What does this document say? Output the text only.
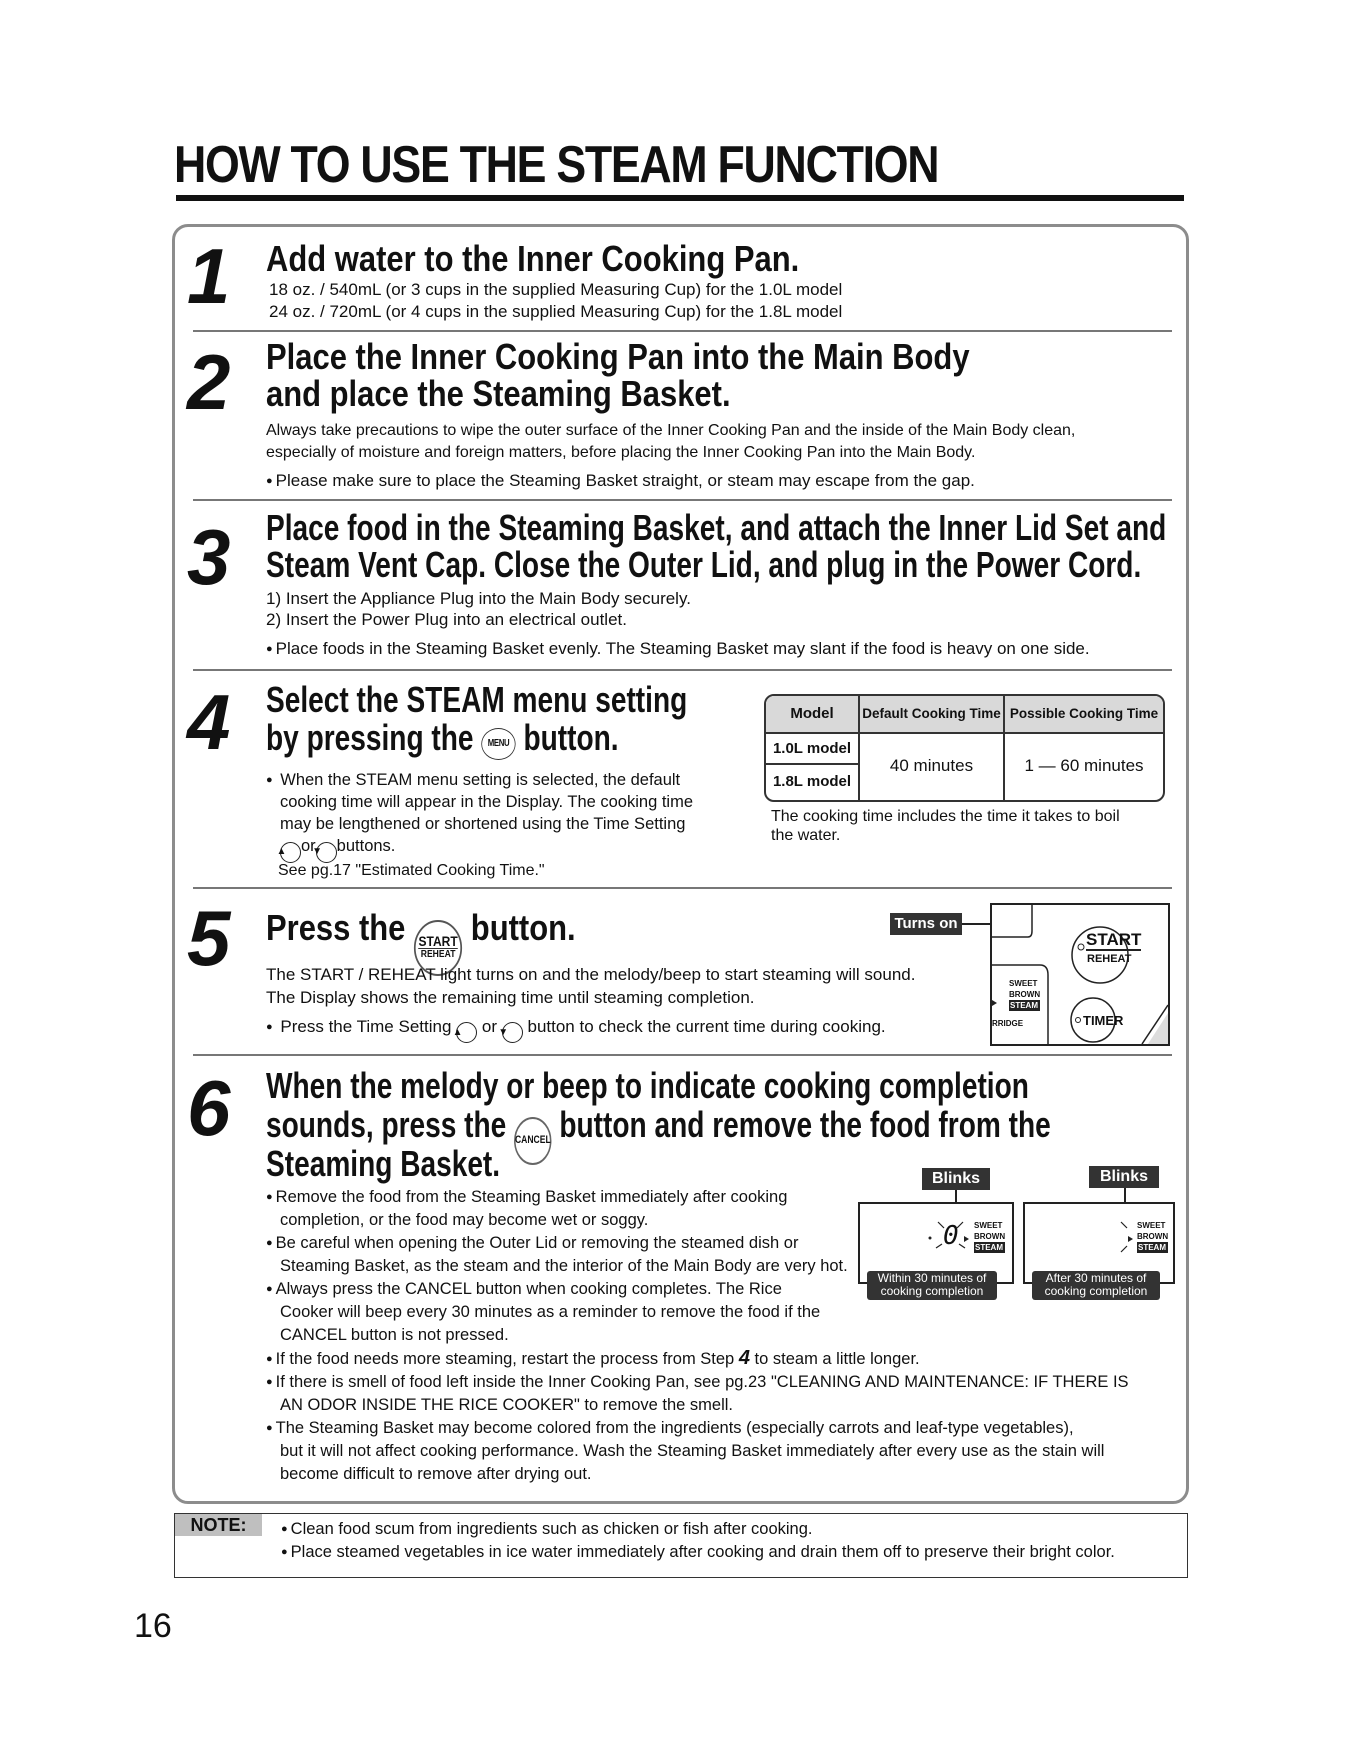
HOW TO USE THE STEAM FUNCTION
1 Add water to the Inner Cooking Pan.

18 oz. / 540mL (or 3 cups in the supplied Measuring Cup) for the 1.0L model

24 oz. / 720mL (or 4 cups in the supplied Measuring Cup) for the 1.8L model

2 Place the Inner Cooking Pan into the Main Body
and place the Steaming Basket.

Always take precautions to wipe the outer surface of the Inner Cooking Pan and the inside of the Main Body clean,

especially of moisture and foreign matters, before placing the Inner Cooking Pan into the Main Body.

● Please make sure to place the Steaming Basket straight, or steam may escape from the gap.
3 Place food in the Steaming Basket, and attach the Inner Lid Set and
Steam Vent Cap. Close the Outer Lid, and plug in the Power Cord.

1) Insert the Appliance Plug into the Main Body securely.

2) Insert the Power Plug into an electrical outlet.

● Place foods in the Steaming Basket evenly. The Steaming Basket may slant if the food is heavy on one side.
4 Select the STEAM menu setting
by pressing the MENU button.
● When the STEAM menu setting is selected, the default
cooking time will appear in the Display. The cooking time
may be lengthened or shortened using the Time Setting
▲ or▼ buttons.

See pg.17 "Estimated Cooking Time."

Model	Default Cooking Time Possible Cooking Time
1.0L model
1.8L model
40 minutes	1 — 60 minutes

The cooking time includes the time it takes to boil

the water.

5 Press the START
REHEAT
button.

The START / REHEAT light turns on and the melody/beep to start steaming will sound.

The Display shows the remaining time until steaming completion.

● Press the Time Setting ▲ or ▼ button to check the current time during cooking.
START
REHEAT
SWEET
BROWN
STEAM
RRIDGE	TIMER
Turns on
6 When the melody or beep to indicate cooking completion
sounds, press the CANCEL button and remove the food from the
Steaming Basket.
● Remove the food from the Steaming Basket immediately after cooking
completion, or the food may become wet or soggy.
● Be careful when opening the Outer Lid or removing the steamed dish or
Steaming Basket, as the steam and the interior of the Main Body are very hot.
● Always press the CANCEL button when cooking completes. The Rice
Cooker will beep every 30 minutes as a reminder to remove the food if the
CANCEL button is not pressed.
● If the food needs more steaming, restart the process from Step 4 to steam a little longer.
● If there is smell of food left inside the Inner Cooking Pan, see pg.23 "CLEANING AND MAINTENANCE: IF THERE IS
AN ODOR INSIDE THE RICE COOKER" to remove the smell.
● The Steaming Basket may become colored from the ingredients (especially carrots and leaf-type vegetables),
but it will not affect cooking performance. Wash the Steaming Basket immediately after every use as the stain will
become difficult to remove after drying out.
Blinks
0 SWEET
BROWN
STEAM
Within 30 minutes of
cooking completion
Blinks
SWEET
BROWN
STEAM
After 30 minutes of
cooking completion
NOTE:
●	Clean food scum from ingredients such as chicken or fish after cooking.
● Place steamed vegetables in ice water immediately after cooking and drain them off to preserve their bright color.
16
